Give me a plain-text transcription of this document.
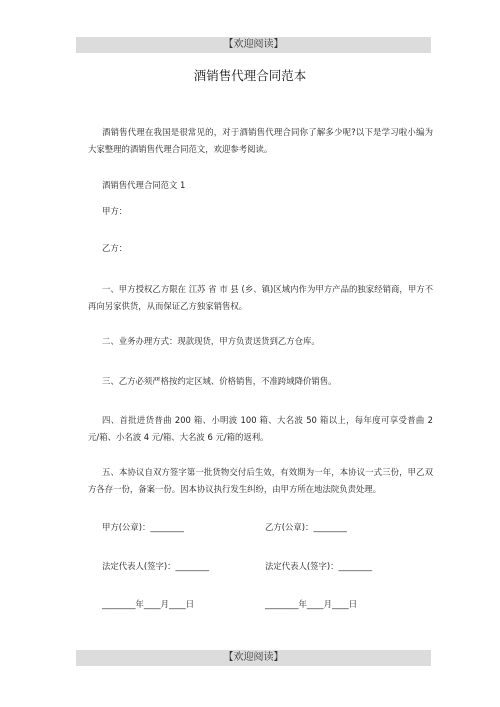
【欢迎阅读】
酒销售代理合同范本
酒销售代理在我国是很常见的，对于酒销售代理合同你了解多少呢?以下是学习啦小编为大家整理的酒销售代理合同范文，欢迎参考阅读。
酒销售代理合同范文 1
甲方：
乙方：
一、甲方授权乙方限在 江苏 省 市 县 (乡、镇)区域内作为甲方产品的独家经销商，甲方不再向另家供货，从而保证乙方独家销售权。
二、业务办理方式：现款现货，甲方负责送货到乙方仓库。
三、乙方必须严格按约定区域、价格销售，不准跨域降价销售。
四、首批进货普曲 200 箱、小明波 100 箱、大名波 50 箱以上，每年度可享受普曲 2 元/箱、小名波 4 元/箱、大名波 6 元/箱的返利。
五、本协议自双方签字第一批货物交付后生效，有效期为一年，本协议一式三份，甲乙双方各存一份，备案一份。因本协议执行发生纠纷，由甲方所在地法院负责处理。
甲方(公章)：________	乙方(公章)：________
法定代表人(签字)：________	法定代表人(签字)：________
________年____月____日	________年____月____日
【欢迎阅读】
